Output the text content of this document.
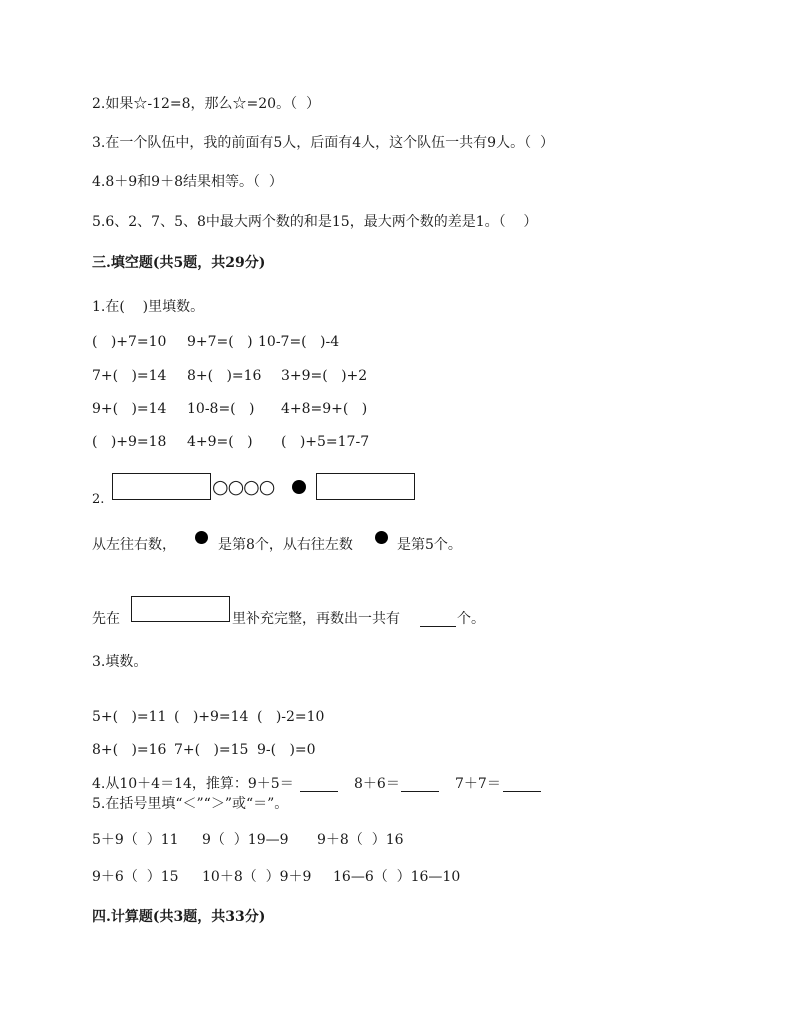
2.如果☆-12=8，那么☆=20。（  ）
3.在一个队伍中，我的前面有5人，后面有4人，这个队伍一共有9人。（  ）
4.8＋9和9＋8结果相等。（  ）
5.6、2、7、5、8中最大两个数的和是15，最大两个数的差是1。（    ）
三.填空题(共5题，共29分)
1.在(    )里填数。
(   )+7=10 9+7=(   ) 10-7=(   )-4
7+(   )=14 8+(   )=16 3+9=(   )+2
9+(   )=14 10-8=(   ) 4+8=9+(   )
(   )+9=18 4+9=(   ) (   )+5=17-7
2.
○○○○
从左往右数，	是第8个，从右往左数	是第5个。
先在	里补充完整，再数出一共有	个。
3.填数。
5+(   )=11 (   )+9=14 (   )-2=10
8+(   )=16 7+(   )=15 9-(   )=0
4.从10＋4＝14，推算：9＋5＝	8＋6＝	7＋7＝
5.在括号里填“＜”“＞”或“＝”。
5＋9（  ）11 9（  ）19—9 9＋8（  ）16
9＋6（  ）15 10＋8（  ）9＋9 16—6（  ）16—10
四.计算题(共3题，共33分)
